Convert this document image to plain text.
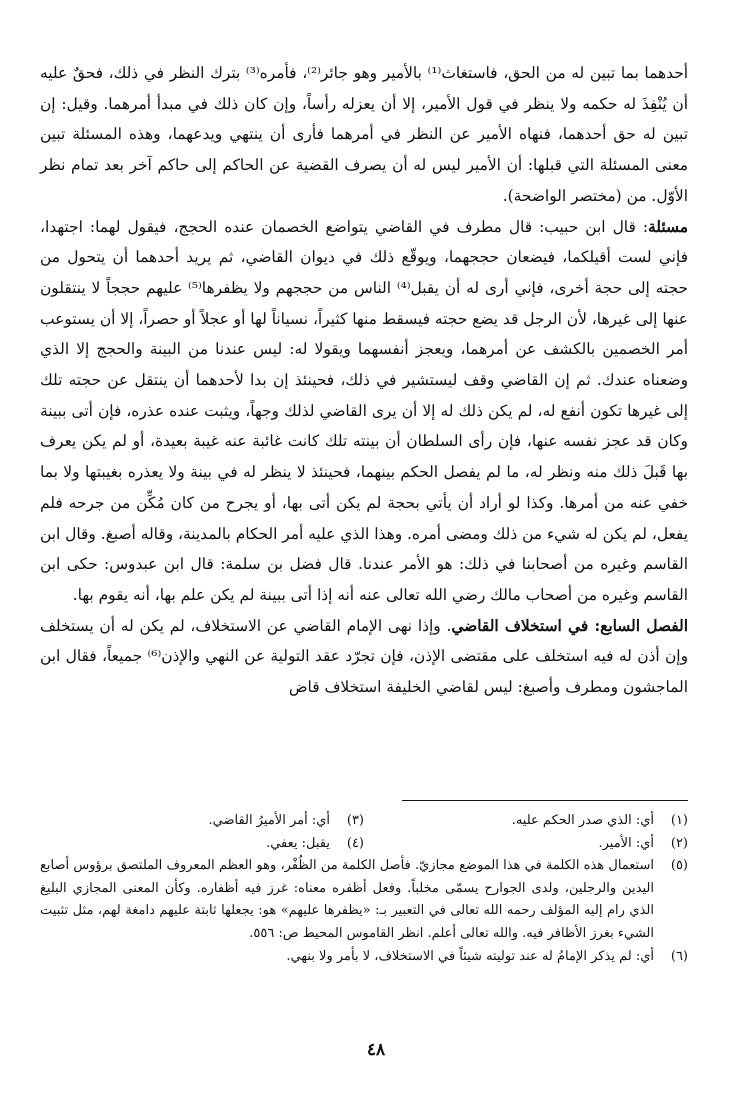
أحدهما بما تبين له من الحق، فاستغاث⁽¹⁾ بالأمير وهو جائر⁽²⁾، فأمره⁽³⁾ بترك النظر في ذلك، فحقٌ عليه أن يُنْفِذَ له حكمه ولا ينظر في قول الأمير، إلا أن يعزله رأساً، وإن كان ذلك في مبدأ أمرهما. وقيل: إن تبين له حق أحدهما، فنهاه الأمير عن النظر في أمرهما فأرى أن ينتهي ويدعهما، وهذه المسئلة تبين معنى المسئلة التي قبلها: أن الأمير ليس له أن يصرف القضية عن الحاكم إلى حاكم آخر بعد تمام نظر الأوّل. من (مختصر الواضحة).

مسئلة: قال ابن حبيب: قال مطرف في القاضي يتواضع الخصمان عنده الحجج، فيقول لهما: اجتهدا، فإني لست أقيلكما، فيضعان حججهما، ويوقّع ذلك في ديوان القاضي، ثم يريد أحدهما أن يتحول من حجته إلى حجة أخرى، فإني أرى له أن يقبل⁽⁴⁾ الناس من حججهم ولا يظفرها⁽⁵⁾ عليهم حججاً لا ينتقلون عنها إلى غيرها، لأن الرجل قد يضع حجته فيسقط منها كثيراً، نسياناً لها أو عجلاً أو حصراً، إلا أن يستوعب أمر الخصمين بالكشف عن أمرهما، ويعجز أنفسهما ويقولا له: ليس عندنا من البينة والحجج إلا الذي وضعناه عندك. ثم إن القاضي وقف ليستشير في ذلك، فحينئذ إن بدا لأحدهما أن ينتقل عن حجته تلك إلى غيرها تكون أنفع له، لم يكن ذلك له إلا أن يرى القاضي لذلك وجهاً، ويثبت عنده عذره، فإن أتى ببينة وكان قد عجز نفسه عنها، فإن رأى السلطان أن بينته تلك كانت غائبة عنه غيبة بعيدة، أو لم يكن يعرف بها قَبلَ ذلك منه ونظر له، ما لم يفصل الحكم بينهما، فحينئذ لا ينظر له في بينة ولا يعذره بغيبتها ولا بما خفي عنه من أمرها. وكذا لو أراد أن يأتي بحجة لم يكن أتى بها، أو يجرح من كان مُكِّن من جرحه فلم يفعل، لم يكن له شيء من ذلك ومضى أمره. وهذا الذي عليه أمر الحكام بالمدينة، وقاله أصبغ. وقال ابن القاسم وغيره من أصحابنا في ذلك: هو الأمر عندنا. قال فضل بن سلمة: قال ابن عبدوس: حكى ابن القاسم وغيره من أصحاب مالك رضي الله تعالى عنه أنه إذا أتى ببينة لم يكن علم بها، أنه يقوم بها.

الفصل السابع: في استخلاف القاضي. وإذا نهى الإمام القاضي عن الاستخلاف، لم يكن له أن يستخلف وإن أذن له فيه استخلف على مقتضى الإذن، فإن تجرّد عقد التولية عن النهي والإذن⁽⁶⁾ جميعاً، فقال ابن الماجشون ومطرف وأصبغ: ليس لقاضي الخليفة استخلاف قاض

(١)
أي: الذي صدر الحكم عليه.
(٣)
أي: أمر الأميرُ القاضي.
(٢)
أي: الأمير.
(٤)
يقبل: يعفي.
(٥)
استعمال هذه الكلمة في هذا الموضع مجازيّ. فأصل الكلمة من الظُفْر، وهو العظم المعروف الملتصق برؤوس أصابع اليدين والرجلين، ولدى الجوارح يسمّى مخلباً. وفعل أظفره معناه: غرز فيه أظفاره. وكأن المعنى المجازي البليغ الذي رام إليه المؤلف رحمه الله تعالى في التعبير بـ: «يظفرها عليهم» هو: يجعلها ثابتة عليهم دامغة لهم، مثل تثبيت الشيء بغرز الأظافر فيه. والله تعالى أعلم. انظر القاموس المحيط ص: ٥٥٦.
(٦)
أي: لم يذكر الإمامُ له عند توليته شيئاً في الاستخلاف، لا بأمر ولا بنهي.
٤٨
